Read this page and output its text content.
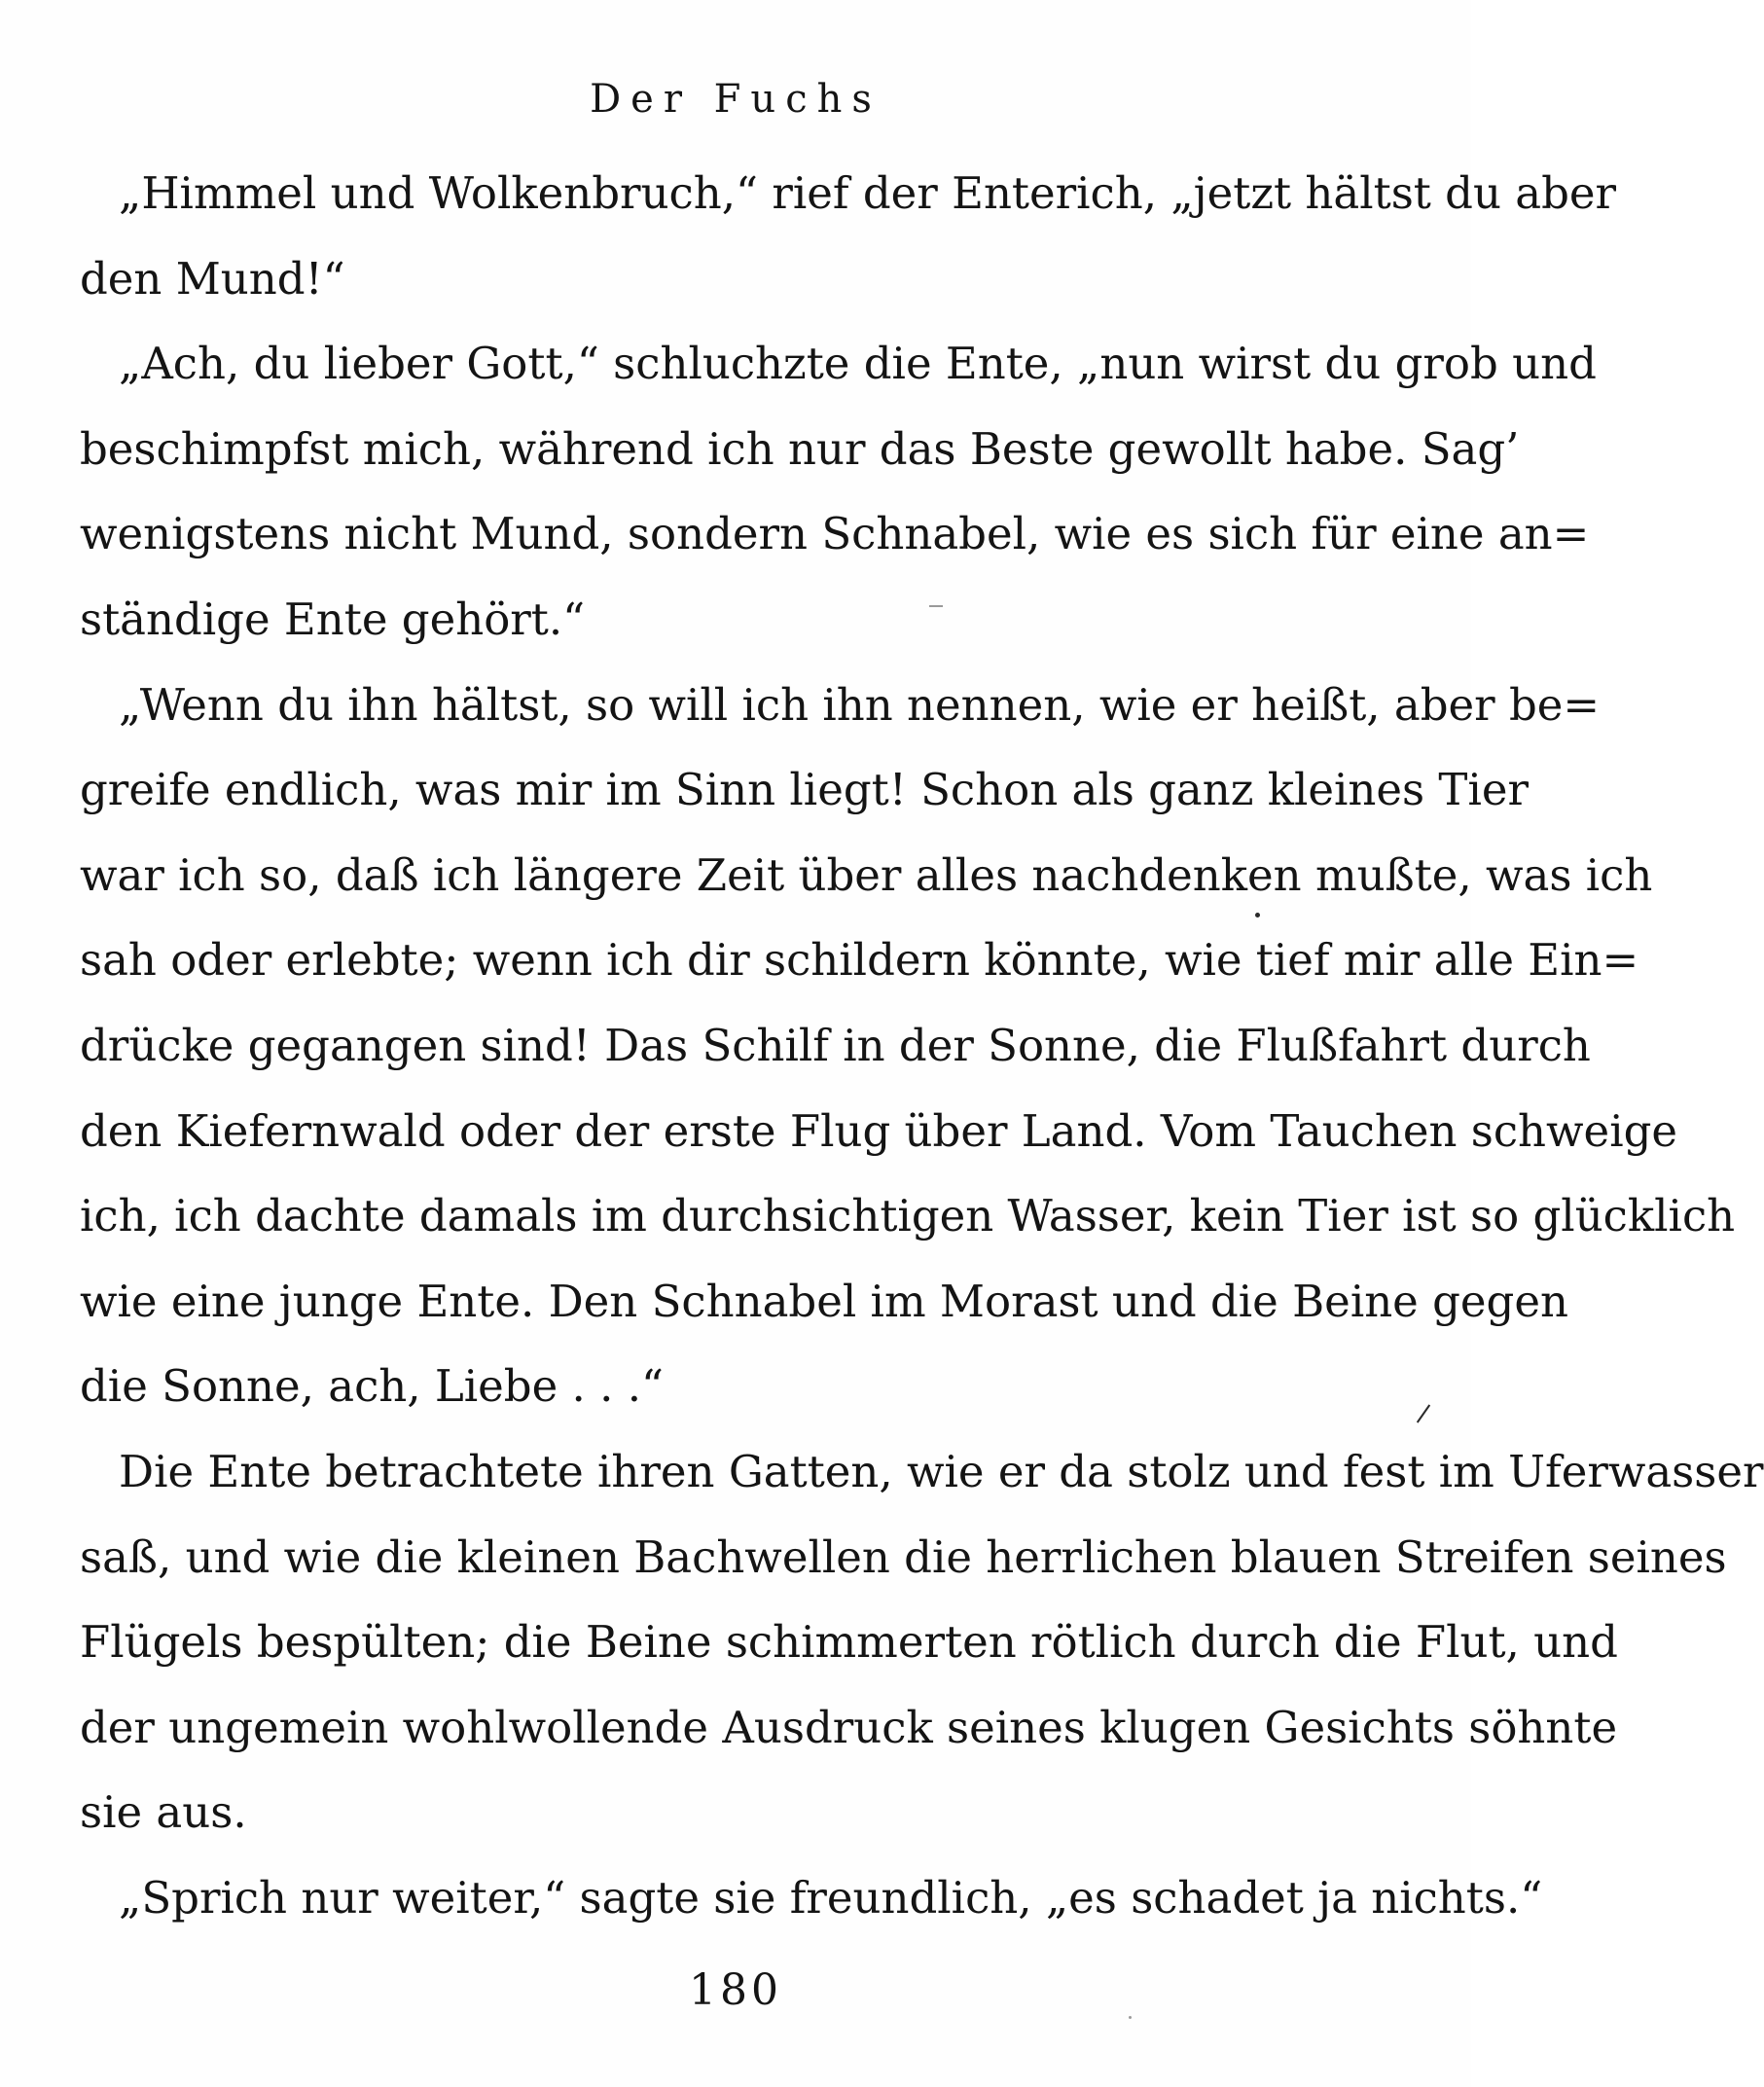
Der Fuchs
„Himmel und Wolkenbruch,“ rief der Enterich, „jetzt hältst du aber
den Mund!“
„Ach, du lieber Gott,“ schluchzte die Ente, „nun wirst du grob und
beschimpfst mich, während ich nur das Beste gewollt habe. Sag’
wenigstens nicht Mund, sondern Schnabel, wie es sich für eine an=
ständige Ente gehört.“
„Wenn du ihn hältst, so will ich ihn nennen, wie er heißt, aber be=
greife endlich, was mir im Sinn liegt! Schon als ganz kleines Tier
war ich so, daß ich längere Zeit über alles nachdenken mußte, was ich
sah oder erlebte; wenn ich dir schildern könnte, wie tief mir alle Ein=
drücke gegangen sind! Das Schilf in der Sonne, die Flußfahrt durch
den Kiefernwald oder der erste Flug über Land. Vom Tauchen schweige
ich, ich dachte damals im durchsichtigen Wasser, kein Tier ist so glücklich
wie eine junge Ente. Den Schnabel im Morast und die Beine gegen
die Sonne, ach, Liebe . . .“
Die Ente betrachtete ihren Gatten, wie er da stolz und fest im Uferwasser
saß, und wie die kleinen Bachwellen die herrlichen blauen Streifen seines
Flügels bespülten; die Beine schimmerten rötlich durch die Flut, und
der ungemein wohlwollende Ausdruck seines klugen Gesichts söhnte
sie aus.
„Sprich nur weiter,“ sagte sie freundlich, „es schadet ja nichts.“
180
